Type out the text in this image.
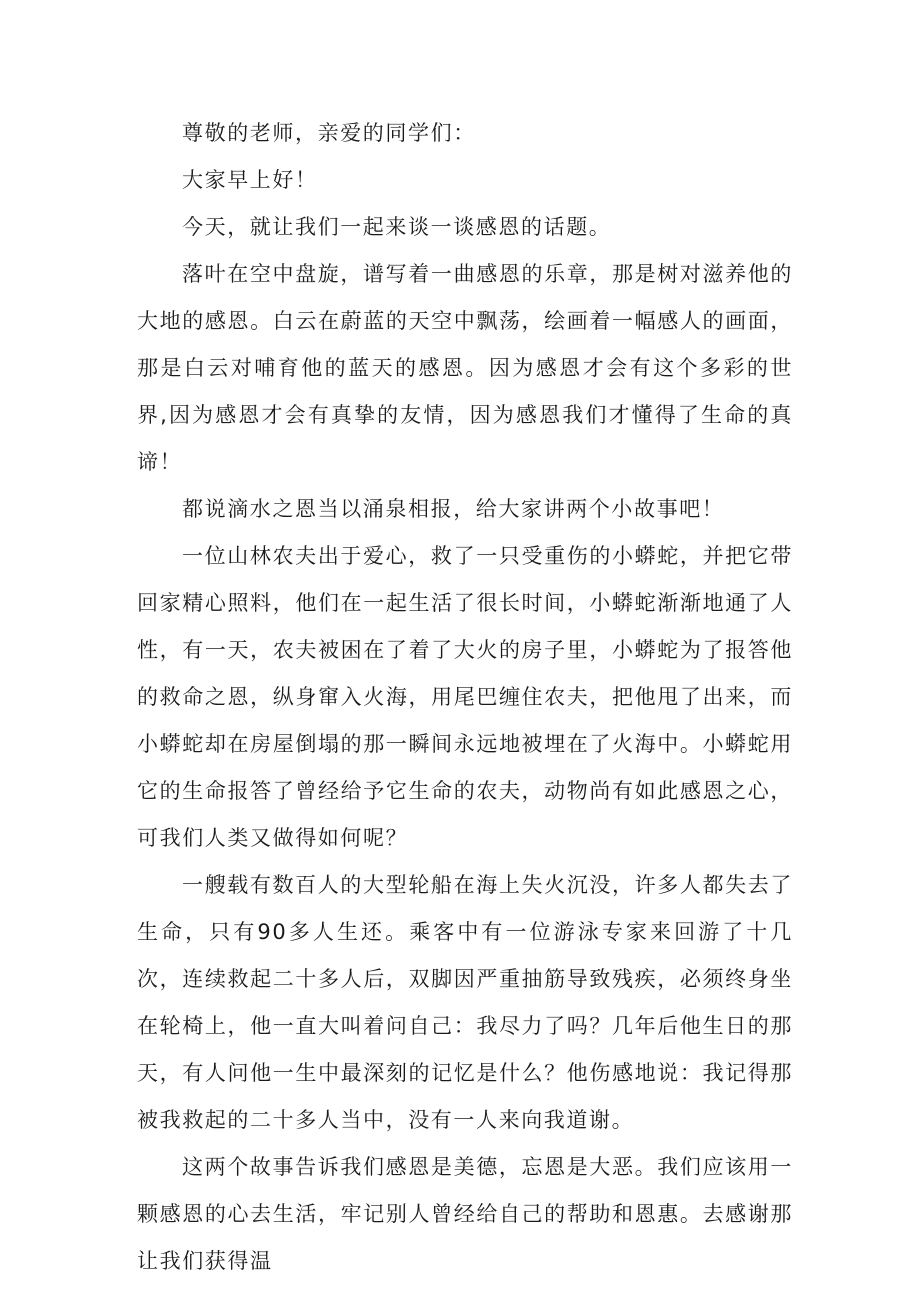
尊敬的老师，亲爱的同学们：

大家早上好！

今天，就让我们一起来谈一谈感恩的话题。

落叶在空中盘旋，谱写着一曲感恩的乐章，那是树对滋养他的大地的感恩。白云在蔚蓝的天空中飘荡，绘画着一幅感人的画面，那是白云对哺育他的蓝天的感恩。因为感恩才会有这个多彩的世界,因为感恩才会有真挚的友情，因为感恩我们才懂得了生命的真谛！

都说滴水之恩当以涌泉相报，给大家讲两个小故事吧！

一位山林农夫出于爱心，救了一只受重伤的小蟒蛇，并把它带回家精心照料，他们在一起生活了很长时间，小蟒蛇渐渐地通了人性，有一天，农夫被困在了着了大火的房子里，小蟒蛇为了报答他的救命之恩，纵身窜入火海，用尾巴缠住农夫，把他甩了出来，而小蟒蛇却在房屋倒塌的那一瞬间永远地被埋在了火海中。小蟒蛇用它的生命报答了曾经给予它生命的农夫，动物尚有如此感恩之心，可我们人类又做得如何呢？

一艘载有数百人的大型轮船在海上失火沉没，许多人都失去了生命，只有90多人生还。乘客中有一位游泳专家来回游了十几次，连续救起二十多人后，双脚因严重抽筋导致残疾，必须终身坐在轮椅上，他一直大叫着问自己：我尽力了吗？几年后他生日的那天，有人问他一生中最深刻的记忆是什么？他伤感地说：我记得那被我救起的二十多人当中，没有一人来向我道谢。

这两个故事告诉我们感恩是美德，忘恩是大恶。我们应该用一颗感恩的心去生活，牢记别人曾经给自己的帮助和恩惠。去感谢那让我们获得温
